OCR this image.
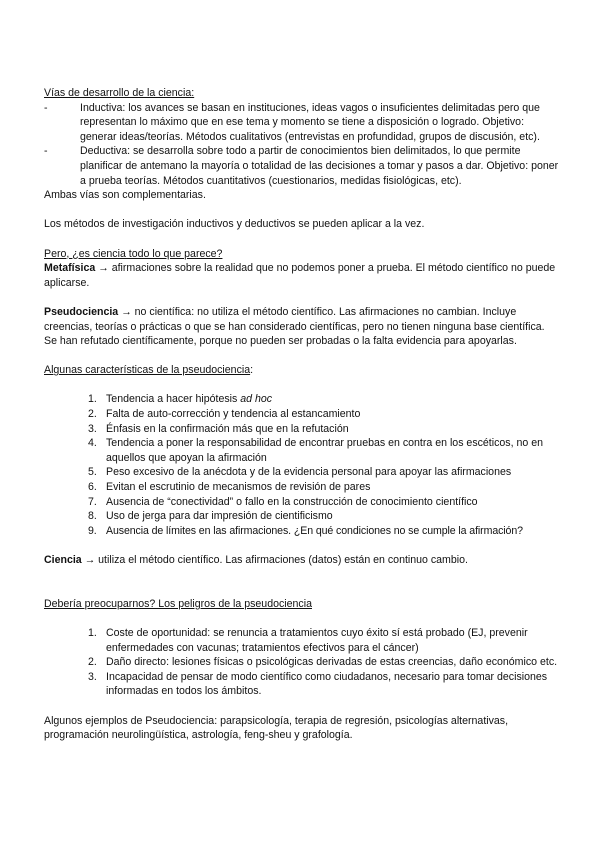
Vías de desarrollo de la ciencia:

-	Inductiva: los avances se basan en instituciones, ideas vagos o insuficientes delimitadas pero que representan lo máximo que en ese tema y momento se tiene a disposición o logrado. Objetivo: generar ideas/teorías. Métodos cualitativos (entrevistas en profundidad, grupos de discusión, etc).
-	Deductiva: se desarrolla sobre todo a partir de conocimientos bien delimitados, lo que permite planificar de antemano la mayoría o totalidad de las decisiones a tomar y pasos a dar. Objetivo: poner a prueba teorías. Métodos cuantitativos (cuestionarios, medidas fisiológicas, etc).

Ambas vías son complementarias.

Los métodos de investigación inductivos y deductivos se pueden aplicar a la vez.

Pero, ¿es ciencia todo lo que parece?

Metafísica → afirmaciones sobre la realidad que no podemos poner a prueba. El método científico no puede aplicarse.

Pseudociencia → no científica: no utiliza el método científico. Las afirmaciones no cambian. Incluye creencias, teorías o prácticas o que se han considerado científicas, pero no tienen ninguna base científica. Se han refutado científicamente, porque no pueden ser probadas o la falta evidencia para apoyarlas.

Algunas características de la pseudociencia:

1. Tendencia a hacer hipótesis ad hoc
2. Falta de auto-corrección y tendencia al estancamiento
3. Énfasis en la confirmación más que en la refutación
4. Tendencia a poner la responsabilidad de encontrar pruebas en contra en los escéticos, no en aquellos que apoyan la afirmación
5. Peso excesivo de la anécdota y de la evidencia personal para apoyar las afirmaciones
6. Evitan el escrutinio de mecanismos de revisión de pares
7. Ausencia de “conectividad” o fallo en la construcción de conocimiento científico
8. Uso de jerga para dar impresión de cientificismo
9. Ausencia de límites en las afirmaciones. ¿En qué condiciones no se cumple la afirmación?

Ciencia → utiliza el método científico. Las afirmaciones (datos) están en continuo cambio.

Debería preocuparnos? Los peligros de la pseudociencia

1. Coste de oportunidad: se renuncia a tratamientos cuyo éxito sí está probado (EJ, prevenir enfermedades con vacunas; tratamientos efectivos para el cáncer)
2. Daño directo: lesiones físicas o psicológicas derivadas de estas creencias, daño económico etc.
3. Incapacidad de pensar de modo científico como ciudadanos, necesario para tomar decisiones informadas en todos los ámbitos.

Algunos ejemplos de Pseudociencia: parapsicología, terapia de regresión, psicologías alternativas, programación neurolingüística, astrología, feng-sheu y grafología.
